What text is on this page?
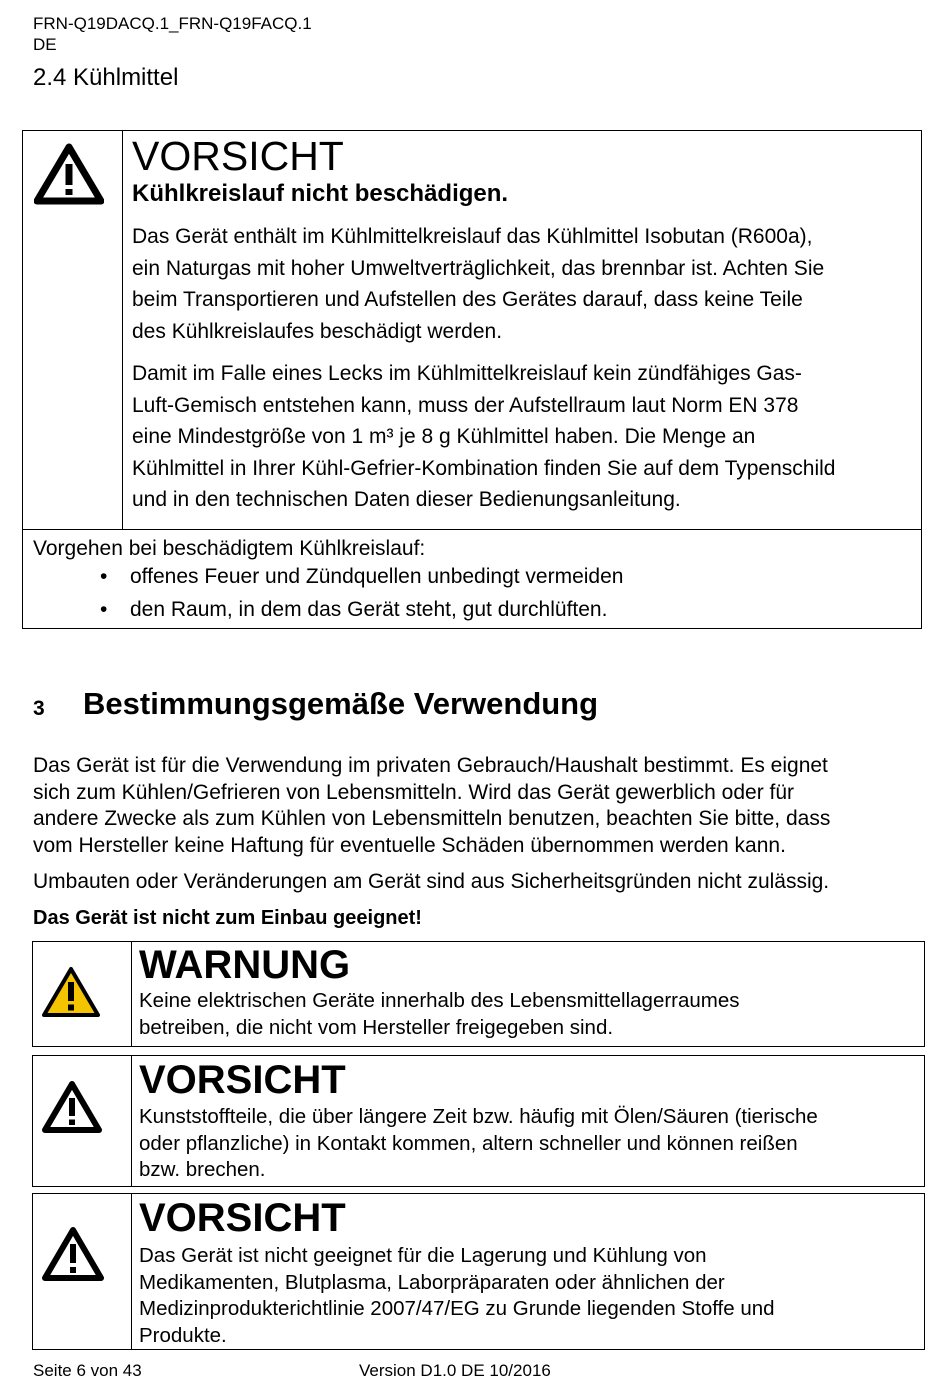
FRN-Q19DACQ.1_FRN-Q19FACQ.1
DE
2.4 Kühlmittel
VORSICHT
Kühlkreislauf nicht beschädigen.
Das Gerät enthält im Kühlmittelkreislauf das Kühlmittel Isobutan (R600a),
ein Naturgas mit hoher Umweltverträglichkeit, das brennbar ist. Achten Sie
beim Transportieren und Aufstellen des Gerätes darauf, dass keine Teile
des Kühlkreislaufes beschädigt werden.
Damit im Falle eines Lecks im Kühlmittelkreislauf kein zündfähiges Gas-
Luft-Gemisch entstehen kann, muss der Aufstellraum laut Norm EN 378
eine Mindestgröße von 1 m³ je 8 g Kühlmittel haben. Die Menge an
Kühlmittel in Ihrer Kühl-Gefrier-Kombination finden Sie auf dem Typenschild
und in den technischen Daten dieser Bedienungsanleitung.
Vorgehen bei beschädigtem Kühlkreislauf:
• offenes Feuer und Zündquellen unbedingt vermeiden
• den Raum, in dem das Gerät steht, gut durchlüften.
3 Bestimmungsgemäße Verwendung
Das Gerät ist für die Verwendung im privaten Gebrauch/Haushalt bestimmt. Es eignet
sich zum Kühlen/Gefrieren von Lebensmitteln. Wird das Gerät gewerblich oder für
andere Zwecke als zum Kühlen von Lebensmitteln benutzen, beachten Sie bitte, dass
vom Hersteller keine Haftung für eventuelle Schäden übernommen werden kann.
Umbauten oder Veränderungen am Gerät sind aus Sicherheitsgründen nicht zulässig.
Das Gerät ist nicht zum Einbau geeignet!
WARNUNG
Keine elektrischen Geräte innerhalb des Lebensmittellagerraumes
betreiben, die nicht vom Hersteller freigegeben sind.
VORSICHT
Kunststoffteile, die über längere Zeit bzw. häufig mit Ölen/Säuren (tierische
oder pflanzliche) in Kontakt kommen, altern schneller und können reißen
bzw. brechen.
VORSICHT
Das Gerät ist nicht geeignet für die Lagerung und Kühlung von
Medikamenten, Blutplasma, Laborpräparaten oder ähnlichen der
Medizinprodukterichtlinie 2007/47/EG zu Grunde liegenden Stoffe und
Produkte.
Seite 6 von 43	Version D1.0 DE 10/2016
